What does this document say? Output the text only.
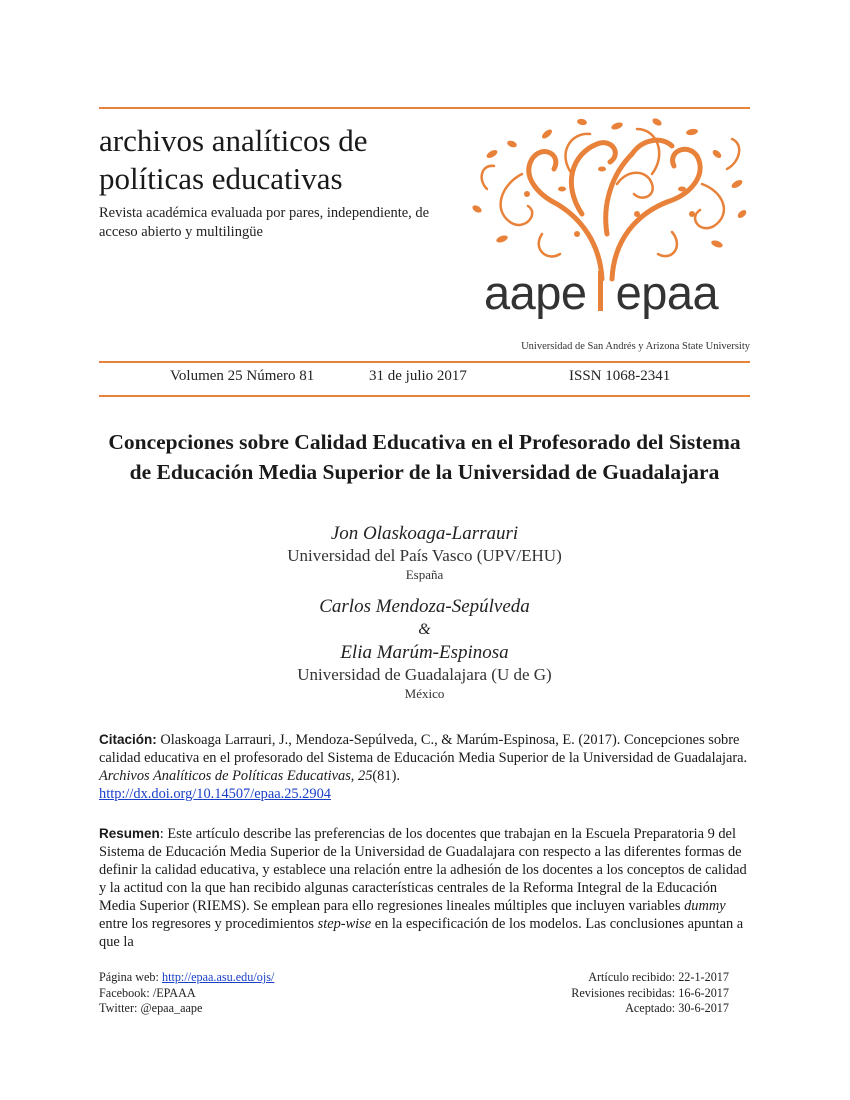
archivos analíticos de políticas educativas
Revista académica evaluada por pares, independiente, de acceso abierto y multilingüe
aape epaa
Universidad de San Andrés y Arizona State University
Volumen 25 Número 81	31 de julio 2017	ISSN 1068-2341
Concepciones sobre Calidad Educativa en el Profesorado del Sistema de Educación Media Superior de la Universidad de Guadalajara
Jon Olaskoaga-Larrauri
Universidad del País Vasco (UPV/EHU)
España
Carlos Mendoza-Sepúlveda
&
Elia Marúm-Espinosa
Universidad de Guadalajara (U de G)
México
Citación: Olaskoaga Larrauri, J., Mendoza-Sepúlveda, C., & Marúm-Espinosa, E. (2017). Concepciones sobre calidad educativa en el profesorado del Sistema de Educación Media Superior de la Universidad de Guadalajara. Archivos Analíticos de Políticas Educativas, 25(81).
http://dx.doi.org/10.14507/epaa.25.2904
Resumen: Este artículo describe las preferencias de los docentes que trabajan en la Escuela Preparatoria 9 del Sistema de Educación Media Superior de la Universidad de Guadalajara con respecto a las diferentes formas de definir la calidad educativa, y establece una relación entre la adhesión de los docentes a los conceptos de calidad y la actitud con la que han recibido algunas características centrales de la Reforma Integral de la Educación Media Superior (RIEMS). Se emplean para ello regresiones lineales múltiples que incluyen variables dummy entre los regresores y procedimientos step-wise en la especificación de los modelos. Las conclusiones apuntan a que la
Página web: http://epaa.asu.edu/ojs/
Facebook: /EPAAA
Twitter: @epaa_aape
Artículo recibido: 22-1-2017
Revisiones recibidas: 16-6-2017
Aceptado: 30-6-2017
